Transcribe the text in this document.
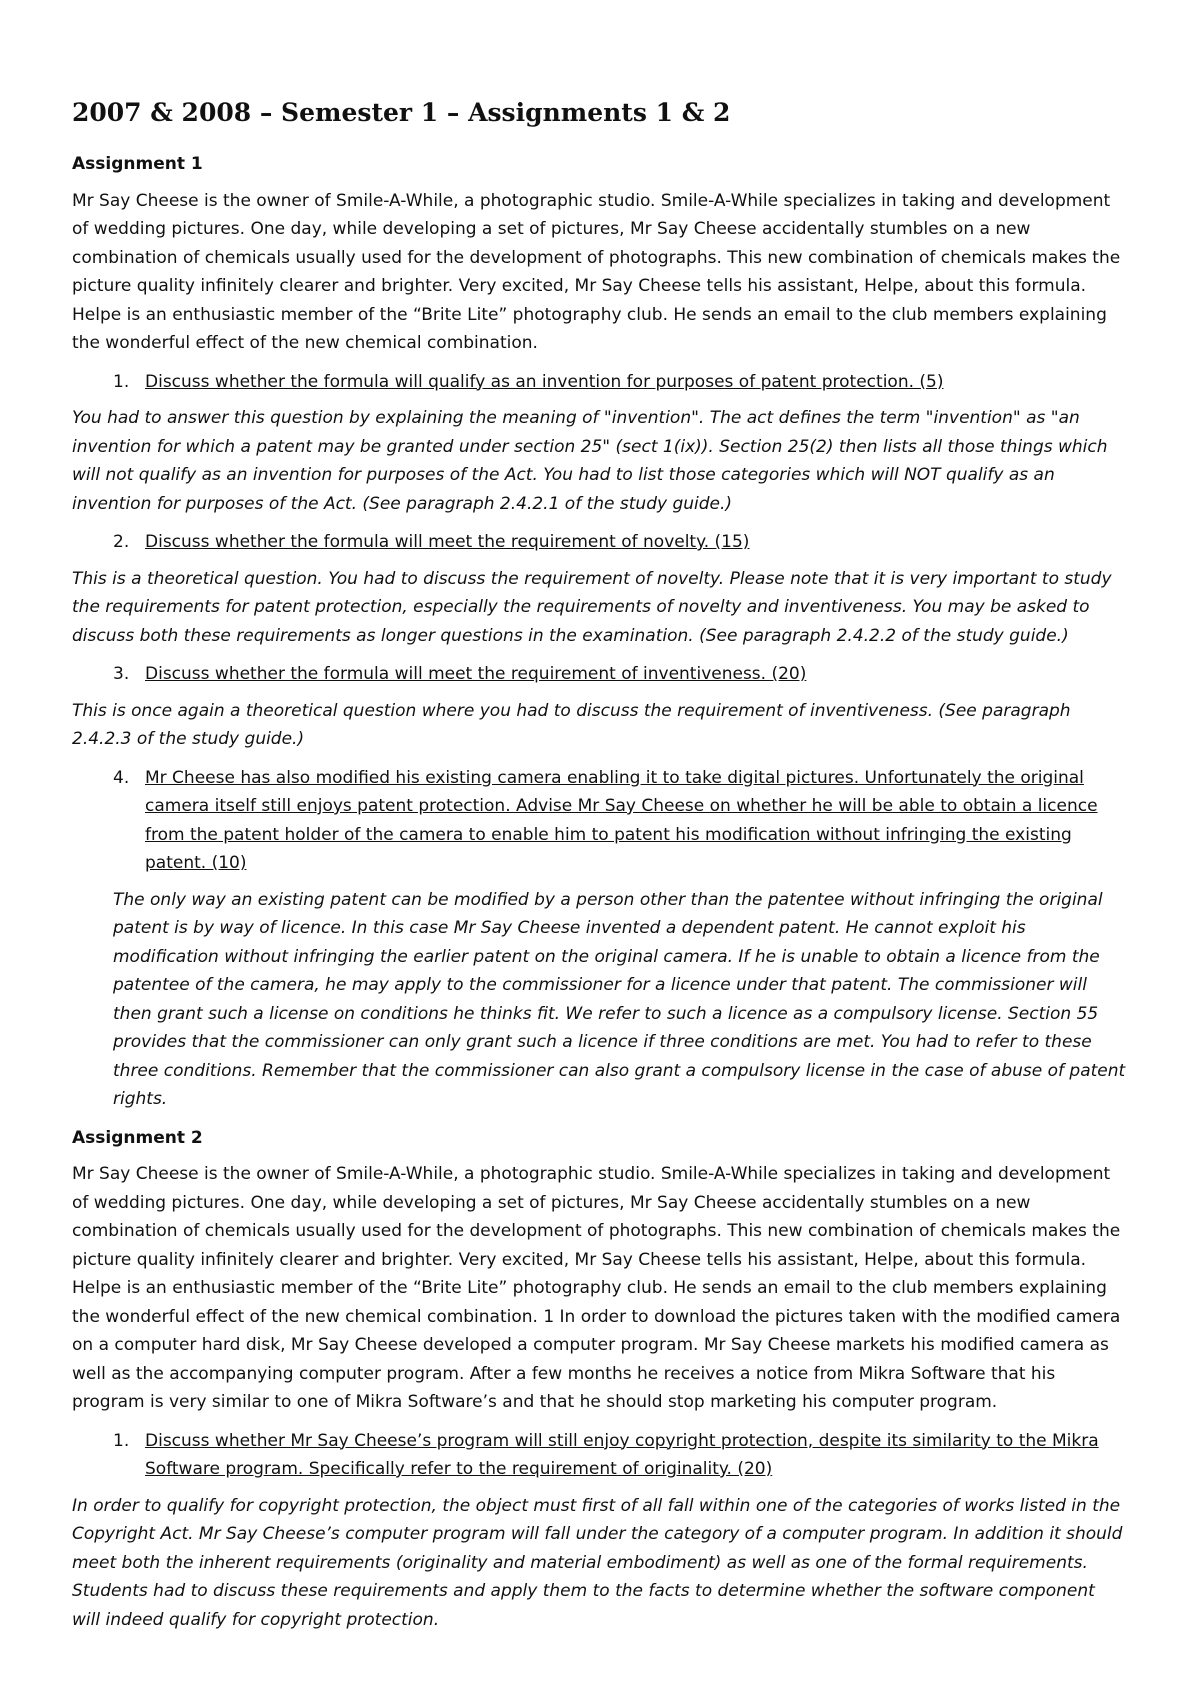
2007 & 2008 – Semester 1 – Assignments 1 & 2
Assignment 1

Mr Say Cheese is the owner of Smile-A-While, a photographic studio. Smile-A-While specializes in taking and development of wedding pictures. One day, while developing a set of pictures, Mr Say Cheese accidentally stumbles on a new combination of chemicals usually used for the development of photographs. This new combination of chemicals makes the picture quality infinitely clearer and brighter. Very excited, Mr Say Cheese tells his assistant, Helpe, about this formula. Helpe is an enthusiastic member of the “Brite Lite” photography club. He sends an email to the club members explaining the wonderful effect of the new chemical combination.

1. Discuss whether the formula will qualify as an invention for purposes of patent protection. (5)

You had to answer this question by explaining the meaning of "invention". The act defines the term "invention" as "an invention for which a patent may be granted under section 25" (sect 1(ix)). Section 25(2) then lists all those things which will not qualify as an invention for purposes of the Act. You had to list those categories which will NOT qualify as an invention for purposes of the Act. (See paragraph 2.4.2.1 of the study guide.)

2. Discuss whether the formula will meet the requirement of novelty. (15)

This is a theoretical question. You had to discuss the requirement of novelty. Please note that it is very important to study the requirements for patent protection, especially the requirements of novelty and inventiveness. You may be asked to discuss both these requirements as longer questions in the examination. (See paragraph 2.4.2.2 of the study guide.)

3. Discuss whether the formula will meet the requirement of inventiveness. (20)

This is once again a theoretical question where you had to discuss the requirement of inventiveness. (See paragraph 2.4.2.3 of the study guide.)

4. Mr Cheese has also modified his existing camera enabling it to take digital pictures. Unfortunately the original camera itself still enjoys patent protection. Advise Mr Say Cheese on whether he will be able to obtain a licence from the patent holder of the camera to enable him to patent his modification without infringing the existing patent. (10)

The only way an existing patent can be modified by a person other than the patentee without infringing the original patent is by way of licence. In this case Mr Say Cheese invented a dependent patent. He cannot exploit his modification without infringing the earlier patent on the original camera. If he is unable to obtain a licence from the patentee of the camera, he may apply to the commissioner for a licence under that patent. The commissioner will then grant such a license on conditions he thinks fit. We refer to such a licence as a compulsory license. Section 55 provides that the commissioner can only grant such a licence if three conditions are met. You had to refer to these three conditions. Remember that the commissioner can also grant a compulsory license in the case of abuse of patent rights.

Assignment 2

Mr Say Cheese is the owner of Smile-A-While, a photographic studio. Smile-A-While specializes in taking and development of wedding pictures. One day, while developing a set of pictures, Mr Say Cheese accidentally stumbles on a new combination of chemicals usually used for the development of photographs. This new combination of chemicals makes the picture quality infinitely clearer and brighter. Very excited, Mr Say Cheese tells his assistant, Helpe, about this formula. Helpe is an enthusiastic member of the “Brite Lite” photography club. He sends an email to the club members explaining the wonderful effect of the new chemical combination. 1 In order to download the pictures taken with the modified camera on a computer hard disk, Mr Say Cheese developed a computer program. Mr Say Cheese markets his modified camera as well as the accompanying computer program. After a few months he receives a notice from Mikra Software that his program is very similar to one of Mikra Software’s and that he should stop marketing his computer program.

1. Discuss whether Mr Say Cheese’s program will still enjoy copyright protection, despite its similarity to the Mikra Software program. Specifically refer to the requirement of originality. (20)

In order to qualify for copyright protection, the object must first of all fall within one of the categories of works listed in the Copyright Act. Mr Say Cheese’s computer program will fall under the category of a computer program. In addition it should meet both the inherent requirements (originality and material embodiment) as well as one of the formal requirements. Students had to discuss these requirements and apply them to the facts to determine whether the software component will indeed qualify for copyright protection.
